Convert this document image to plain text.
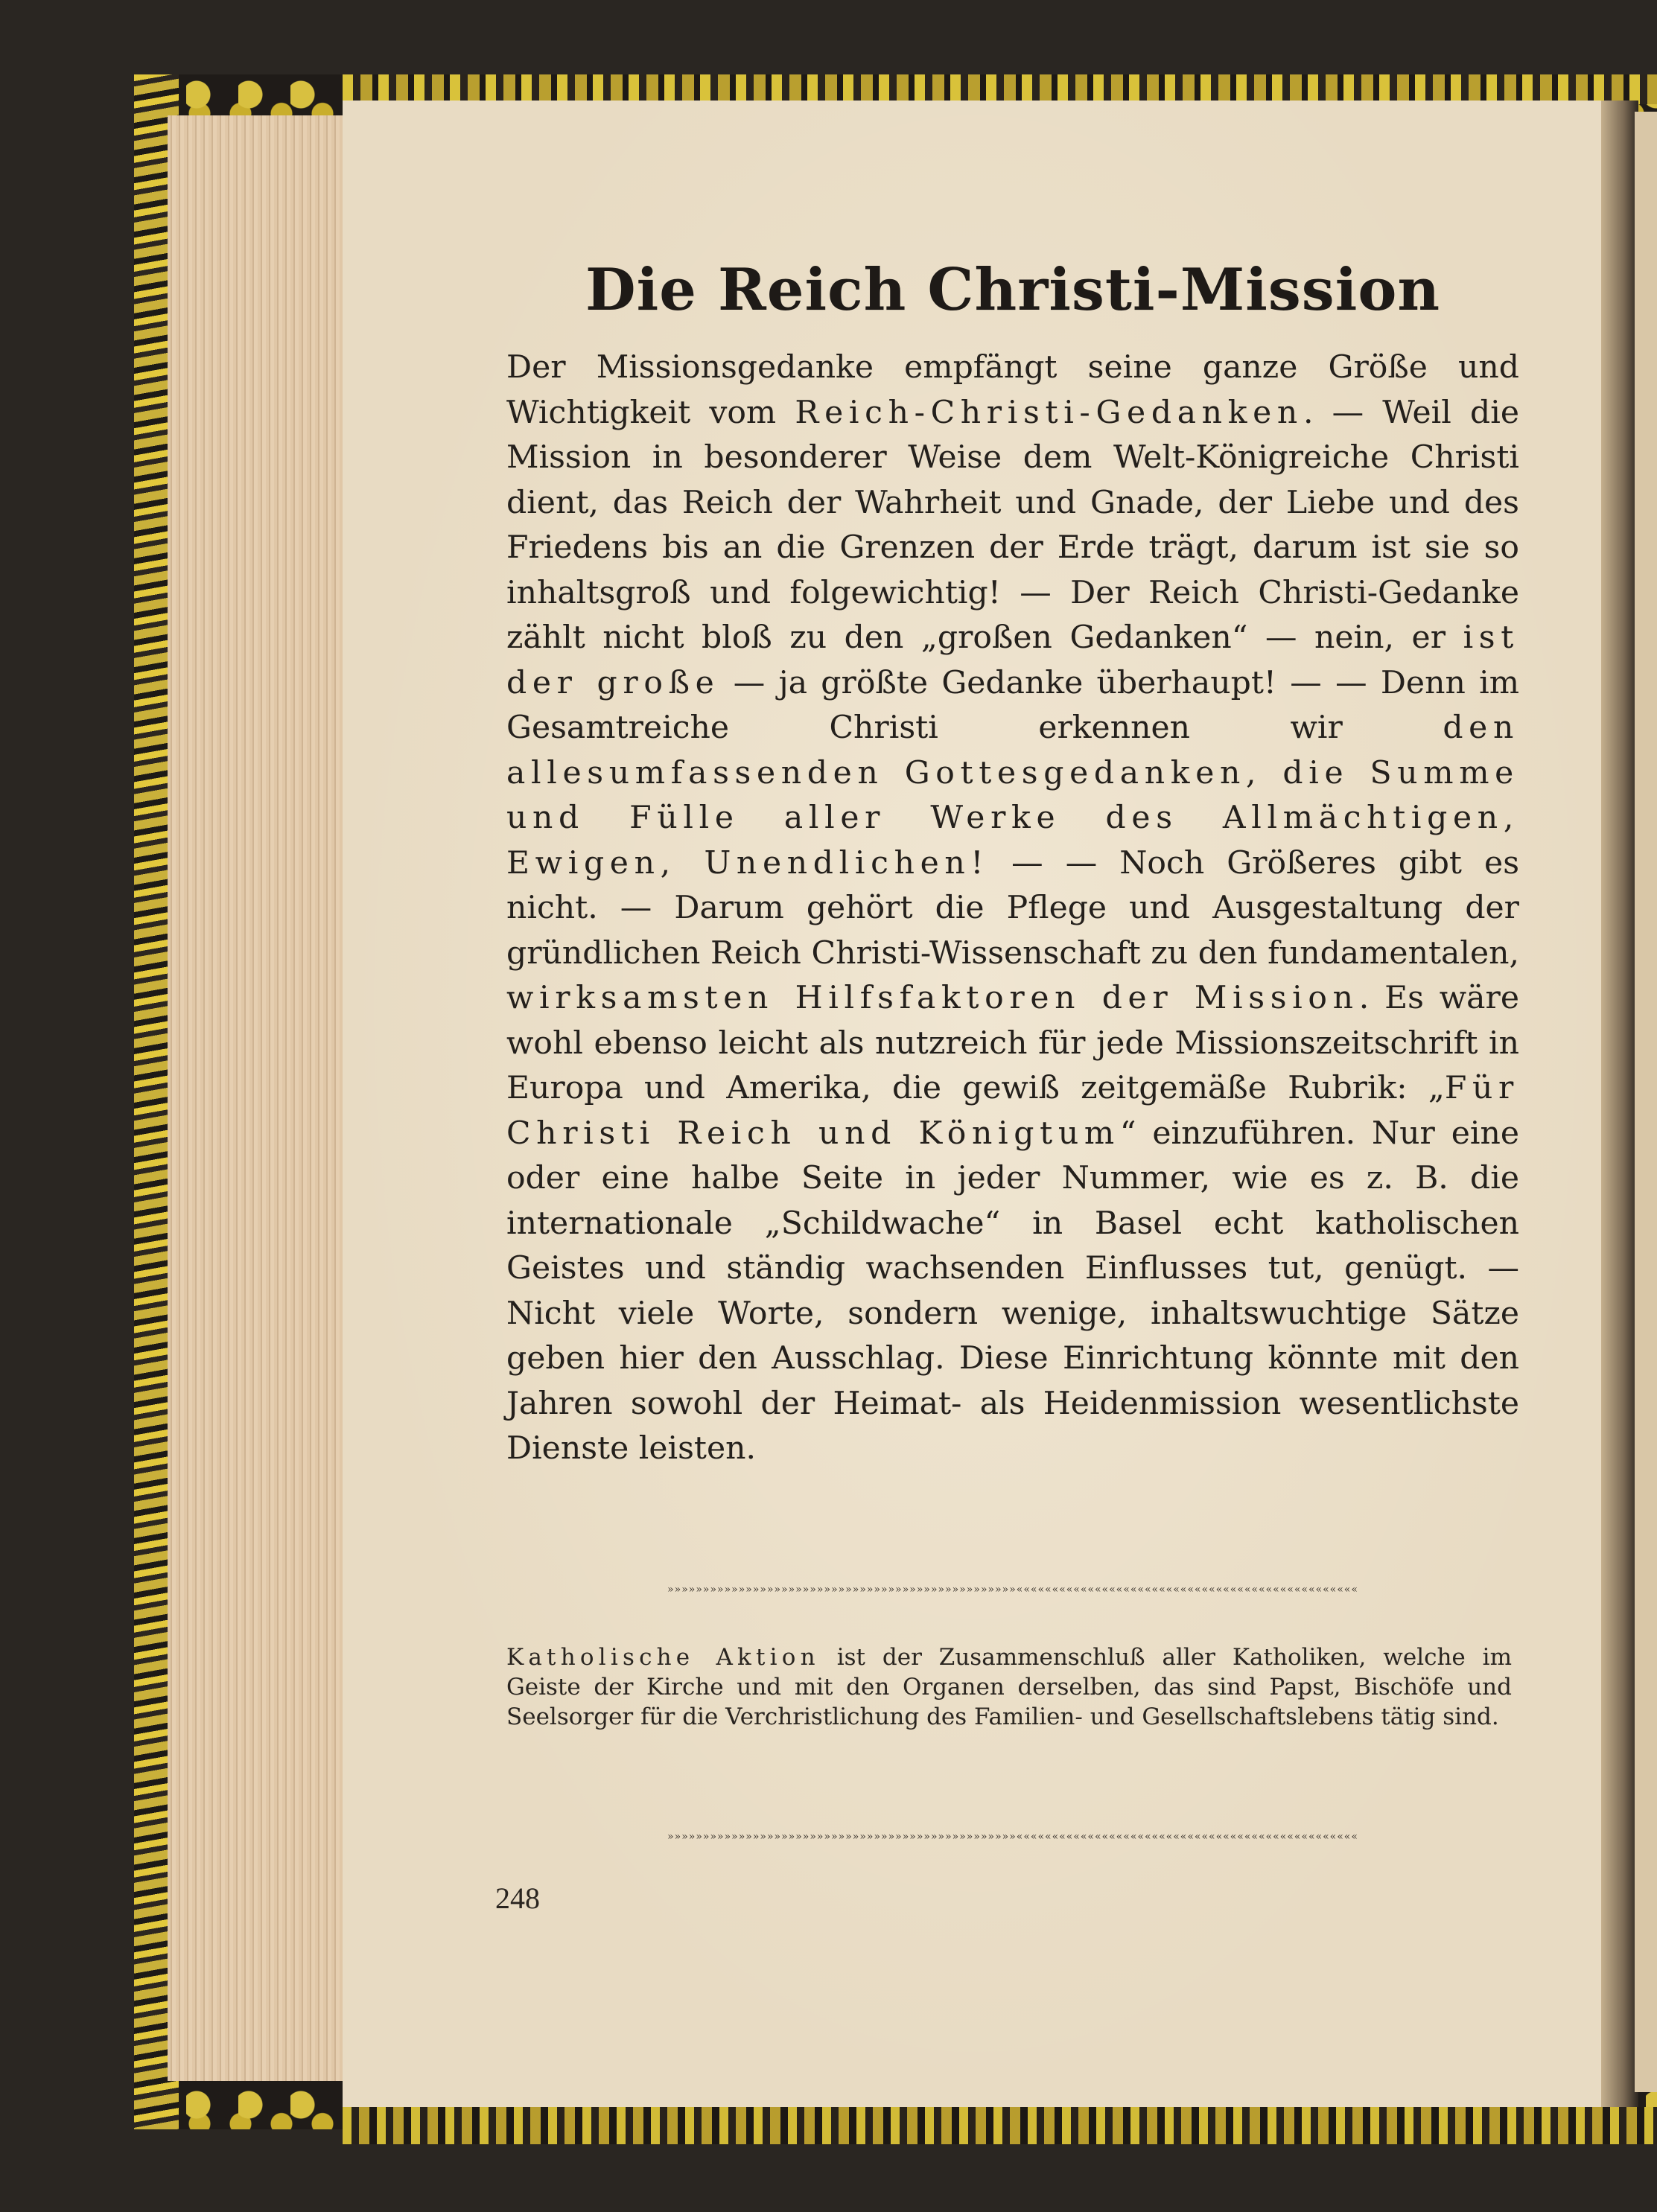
Die Reich Christi-Mission

Der Missionsgedanke empfängt seine ganze Größe und Wichtigkeit vom Reich-Christi-Gedanken. — Weil die Mission in besonderer Weise dem Welt-Königreiche Christi dient, das Reich der Wahrheit und Gnade, der Liebe und des Friedens bis an die Grenzen der Erde trägt, darum ist sie so inhaltsgroß und folgewichtig! — Der Reich Christi-Gedanke zählt nicht bloß zu den „großen Gedanken“ — nein, er ist der große — ja größte Gedanke überhaupt! — — Denn im Gesamtreiche Christi erkennen wir den allesumfassenden Gottesgedanken, die Summe und Fülle aller Werke des Allmächtigen, Ewigen, Unendlichen! — — Noch Größeres gibt es nicht. — Darum gehört die Pflege und Ausgestaltung der gründlichen Reich Christi-Wissenschaft zu den fundamentalen, wirksamsten Hilfsfaktoren der Mission. Es wäre wohl ebenso leicht als nutzreich für jede Missionszeitschrift in Europa und Amerika, die gewiß zeitgemäße Rubrik: „Für Christi Reich und Königtum“ einzuführen. Nur eine oder eine halbe Seite in jeder Nummer, wie es z. B. die internationale „Schildwache“ in Basel echt katholischen Geistes und ständig wachsenden Einflusses tut, genügt. — Nicht viele Worte, sondern wenige, inhaltswuchtige Sätze geben hier den Ausschlag. Diese Einrichtung könnte mit den Jahren sowohl der Heimat- als Heidenmission wesentlichste Dienste leisten.

»»»»»»»»»»»»»»»»»»»»»»»»»»»»»»»»»»»»»»»»»»»»»»»»»««««««««««««««««««««««««««««««««««««««««««««««««

Katholische Aktion ist der Zusammenschluß aller Katholiken, welche im Geiste der Kirche und mit den Organen derselben, das sind Papst, Bischöfe und Seelsorger für die Verchristlichung des Familien- und Gesellschaftslebens tätig sind.

»»»»»»»»»»»»»»»»»»»»»»»»»»»»»»»»»»»»»»»»»»»»»»»»»««««««««««««««««««««««««««««««««««««««««««««««««

248
